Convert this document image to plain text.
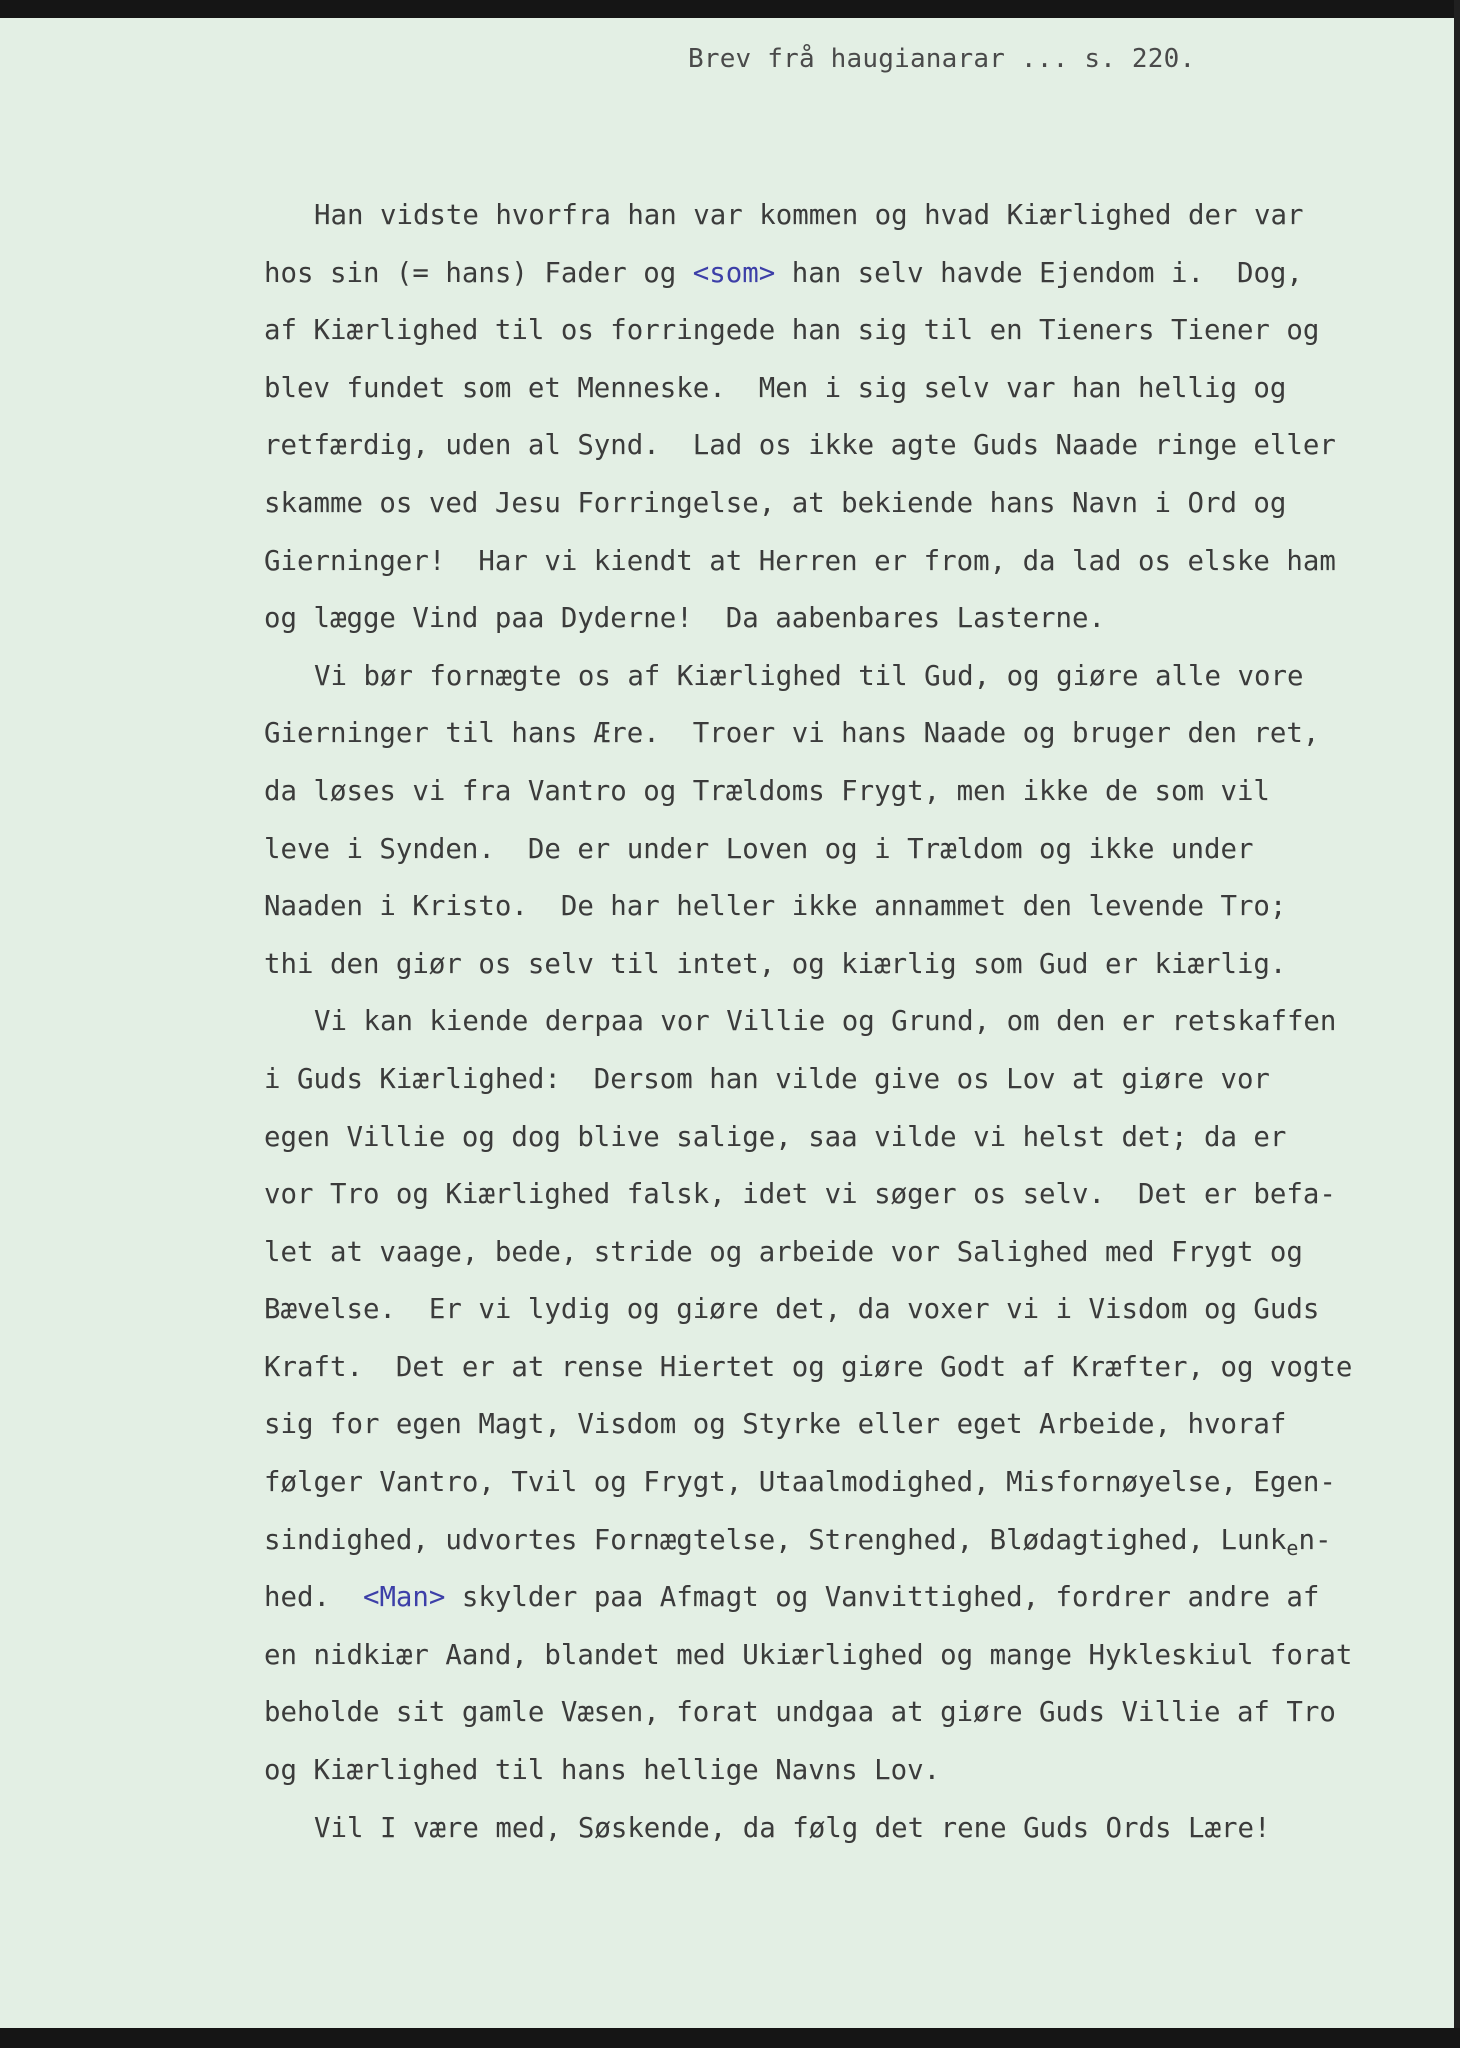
Brev frå haugianarar ... s. 220.
Han vidste hvorfra han var kommen og hvad Kiærlighed der var
hos sin (= hans) Fader og <som> han selv havde Ejendom i.  Dog,
af Kiærlighed til os forringede han sig til en Tieners Tiener og
blev fundet som et Menneske.  Men i sig selv var han hellig og
retfærdig, uden al Synd.  Lad os ikke agte Guds Naade ringe eller
skamme os ved Jesu Forringelse, at bekiende hans Navn i Ord og
Gierninger!  Har vi kiendt at Herren er from, da lad os elske ham
og lægge Vind paa Dyderne!  Da aabenbares Lasterne.
Vi bør fornægte os af Kiærlighed til Gud, og giøre alle vore
Gierninger til hans Ære.  Troer vi hans Naade og bruger den ret,
da løses vi fra Vantro og Trældoms Frygt, men ikke de som vil
leve i Synden.  De er under Loven og i Trældom og ikke under
Naaden i Kristo.  De har heller ikke annammet den levende Tro;
thi den giør os selv til intet, og kiærlig som Gud er kiærlig.
Vi kan kiende derpaa vor Villie og Grund, om den er retskaffen
i Guds Kiærlighed:  Dersom han vilde give os Lov at giøre vor
egen Villie og dog blive salige, saa vilde vi helst det; da er
vor Tro og Kiærlighed falsk, idet vi søger os selv.  Det er befa-
let at vaage, bede, stride og arbeide vor Salighed med Frygt og
Bævelse.  Er vi lydig og giøre det, da voxer vi i Visdom og Guds
Kraft.  Det er at rense Hiertet og giøre Godt af Kræfter, og vogte
sig for egen Magt, Visdom og Styrke eller eget Arbeide, hvoraf
følger Vantro, Tvil og Frygt, Utaalmodighed, Misfornøyelse, Egen-
sindighed, udvortes Fornægtelse, Strenghed, Blødagtighed, Lunk$_e$n-
hed.  <Man> skylder paa Afmagt og Vanvittighed, fordrer andre af
en nidkiær Aand, blandet med Ukiærlighed og mange Hykleskiul forat
beholde sit gamle Væsen, forat undgaa at giøre Guds Villie af Tro
og Kiærlighed til hans hellige Navns Lov.
Vil I være med, Søskende, da følg det rene Guds Ords Lære!
